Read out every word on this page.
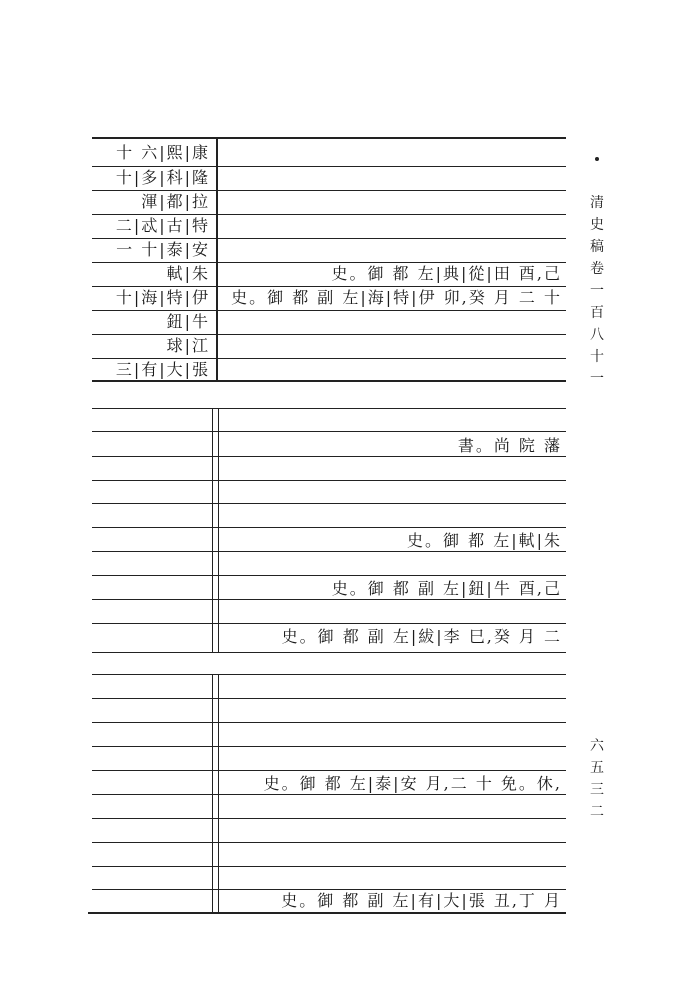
十 六|熙|康
十|多|科|隆
渾|都|拉
二|忒|古|特
一 十|泰|安
軾|朱
十|海|特|伊
鈕|牛
球|江
三|有|大|張
史。御 都 左|典|從|田 酉,己
史。御 都 副 左|海|特|伊 卯,癸 月 二 十
書。尚 院 藩
史。御 都 左|軾|朱
史。御 都 副 左|鈕|牛 酉,己
史。御 都 副 左|紱|李 巳,癸 月 二
史。御 都 左|泰|安 月,二 十 免。休,
史。御 都 副 左|有|大|張 丑,丁 月
清史稿卷一百八十一
六五三二
